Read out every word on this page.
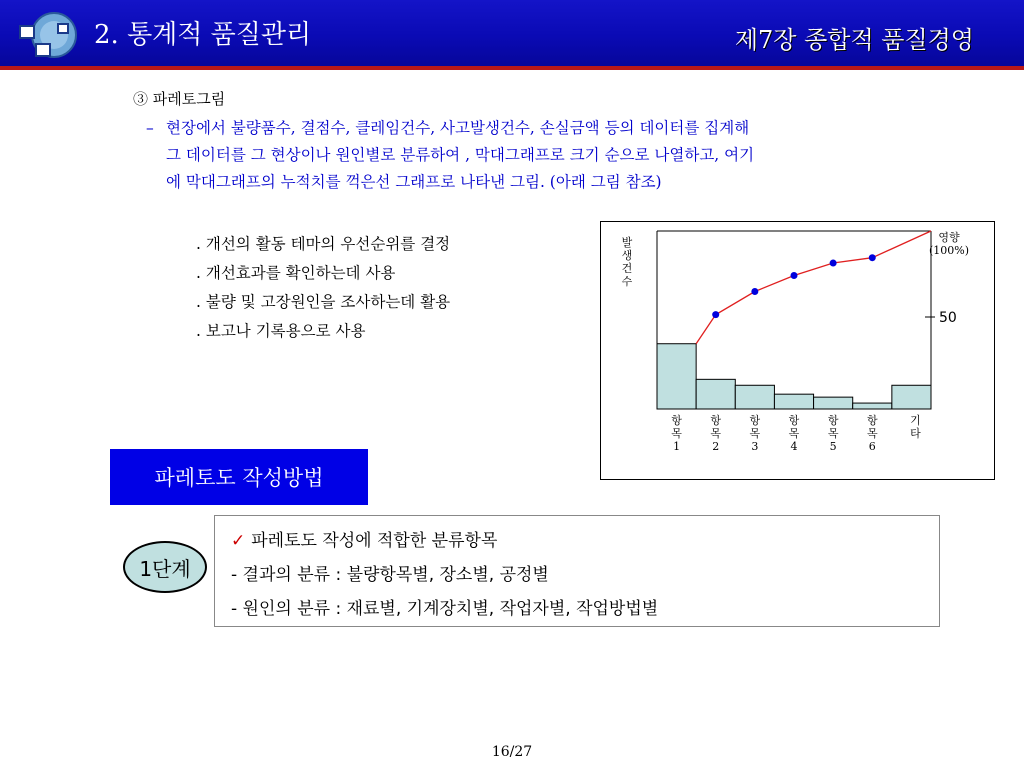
2. 통계적 품질관리	제7장 종합적 품질경영
③ 파레토그림
– 현장에서 불량품수, 결점수, 클레임건수, 사고발생건수, 손실금액 등의 데이터를 집계해
그 데이터를 그 현상이나 원인별로 분류하여 , 막대그래프로 크기 순으로 나열하고, 여기
에 막대그래프의 누적치를 꺽은선 그래프로 나타낸 그림. (아래 그림 참조)
. 개선의 활동 테마의 우선순위를 결정
. 개선효과를 확인하는데 사용
. 불량 및 고장원인을 조사하는데 활용
. 보고나 기록용으로 사용
발 생 건 수
항 목 1
항 목 2
항 목 3
항 목 4
항 목 5
항 목 6
기 타
영향 (100%)
50
파레토도 작성방법
1단계
✓ 파레토도 작성에 적합한 분류항목
- 결과의 분류 : 불량항목별, 장소별, 공정별
- 원인의 분류 : 재료별, 기계장치별, 작업자별, 작업방법별
16/27
